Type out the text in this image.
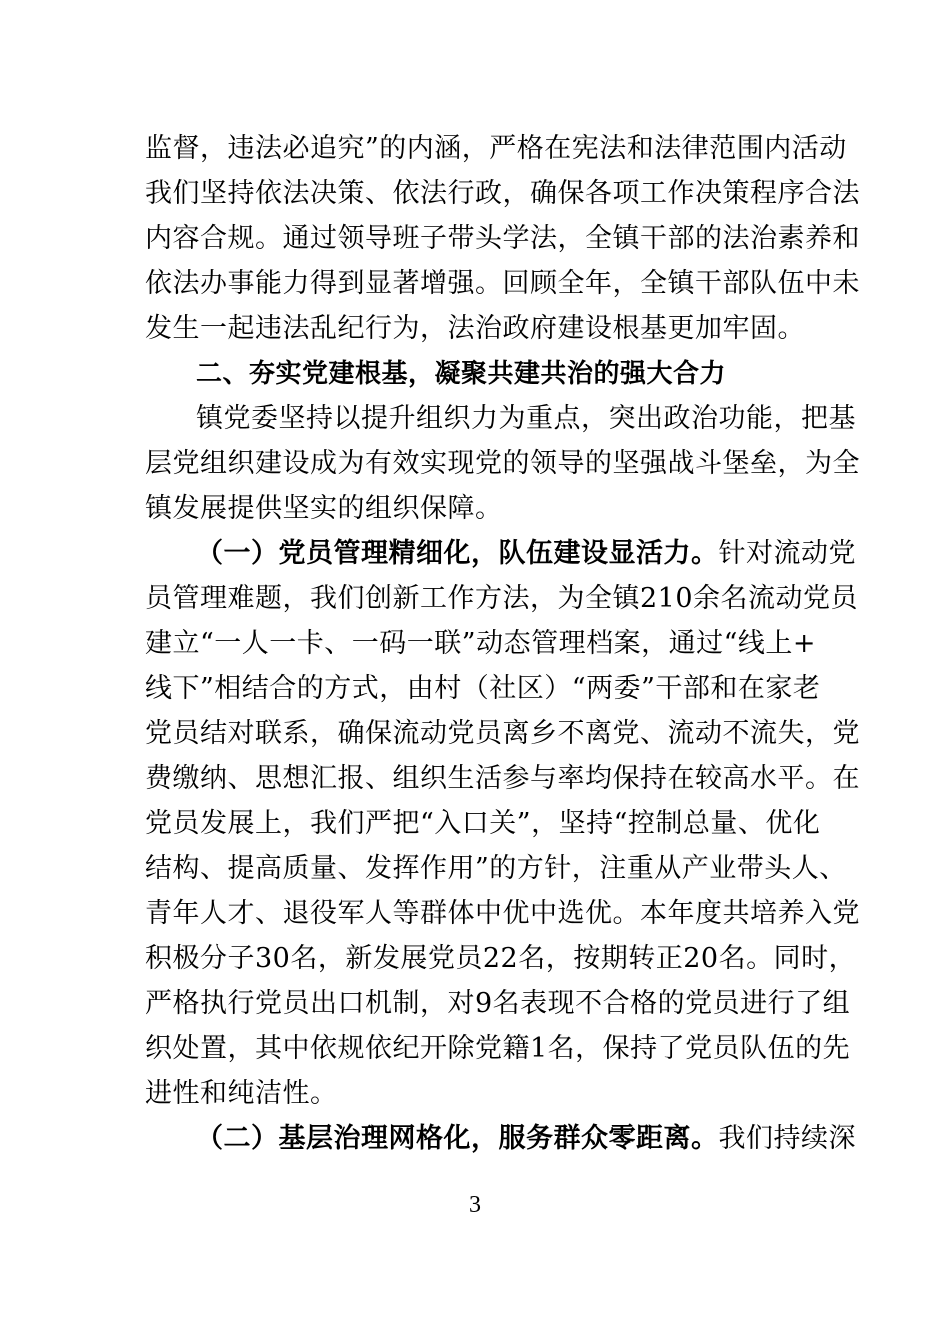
监督，违法必追究”的内涵，严格在宪法和法律范围内活动
我们坚持依法决策、依法行政，确保各项工作决策程序合法
内容合规。通过领导班子带头学法，全镇干部的法治素养和
依法办事能力得到显著增强。回顾全年，全镇干部队伍中未
发生一起违法乱纪行为，法治政府建设根基更加牢固。
二、夯实党建根基，凝聚共建共治的强大合力
镇党委坚持以提升组织力为重点，突出政治功能，把基
层党组织建设成为有效实现党的领导的坚强战斗堡垒，为全
镇发展提供坚实的组织保障。
（一）党员管理精细化，队伍建设显活力。针对流动党
员管理难题，我们创新工作方法，为全镇210余名流动党员
建立“一人一卡、一码一联”动态管理档案，通过“线上+
线下”相结合的方式，由村（社区）“两委”干部和在家老
党员结对联系，确保流动党员离乡不离党、流动不流失，党
费缴纳、思想汇报、组织生活参与率均保持在较高水平。在
党员发展上，我们严把“入口关”，坚持“控制总量、优化
结构、提高质量、发挥作用”的方针，注重从产业带头人、
青年人才、退役军人等群体中优中选优。本年度共培养入党
积极分子30名，新发展党员22名，按期转正20名。同时，
严格执行党员出口机制，对9名表现不合格的党员进行了组
织处置，其中依规依纪开除党籍1名，保持了党员队伍的先
进性和纯洁性。
（二）基层治理网格化，服务群众零距离。我们持续深
3
